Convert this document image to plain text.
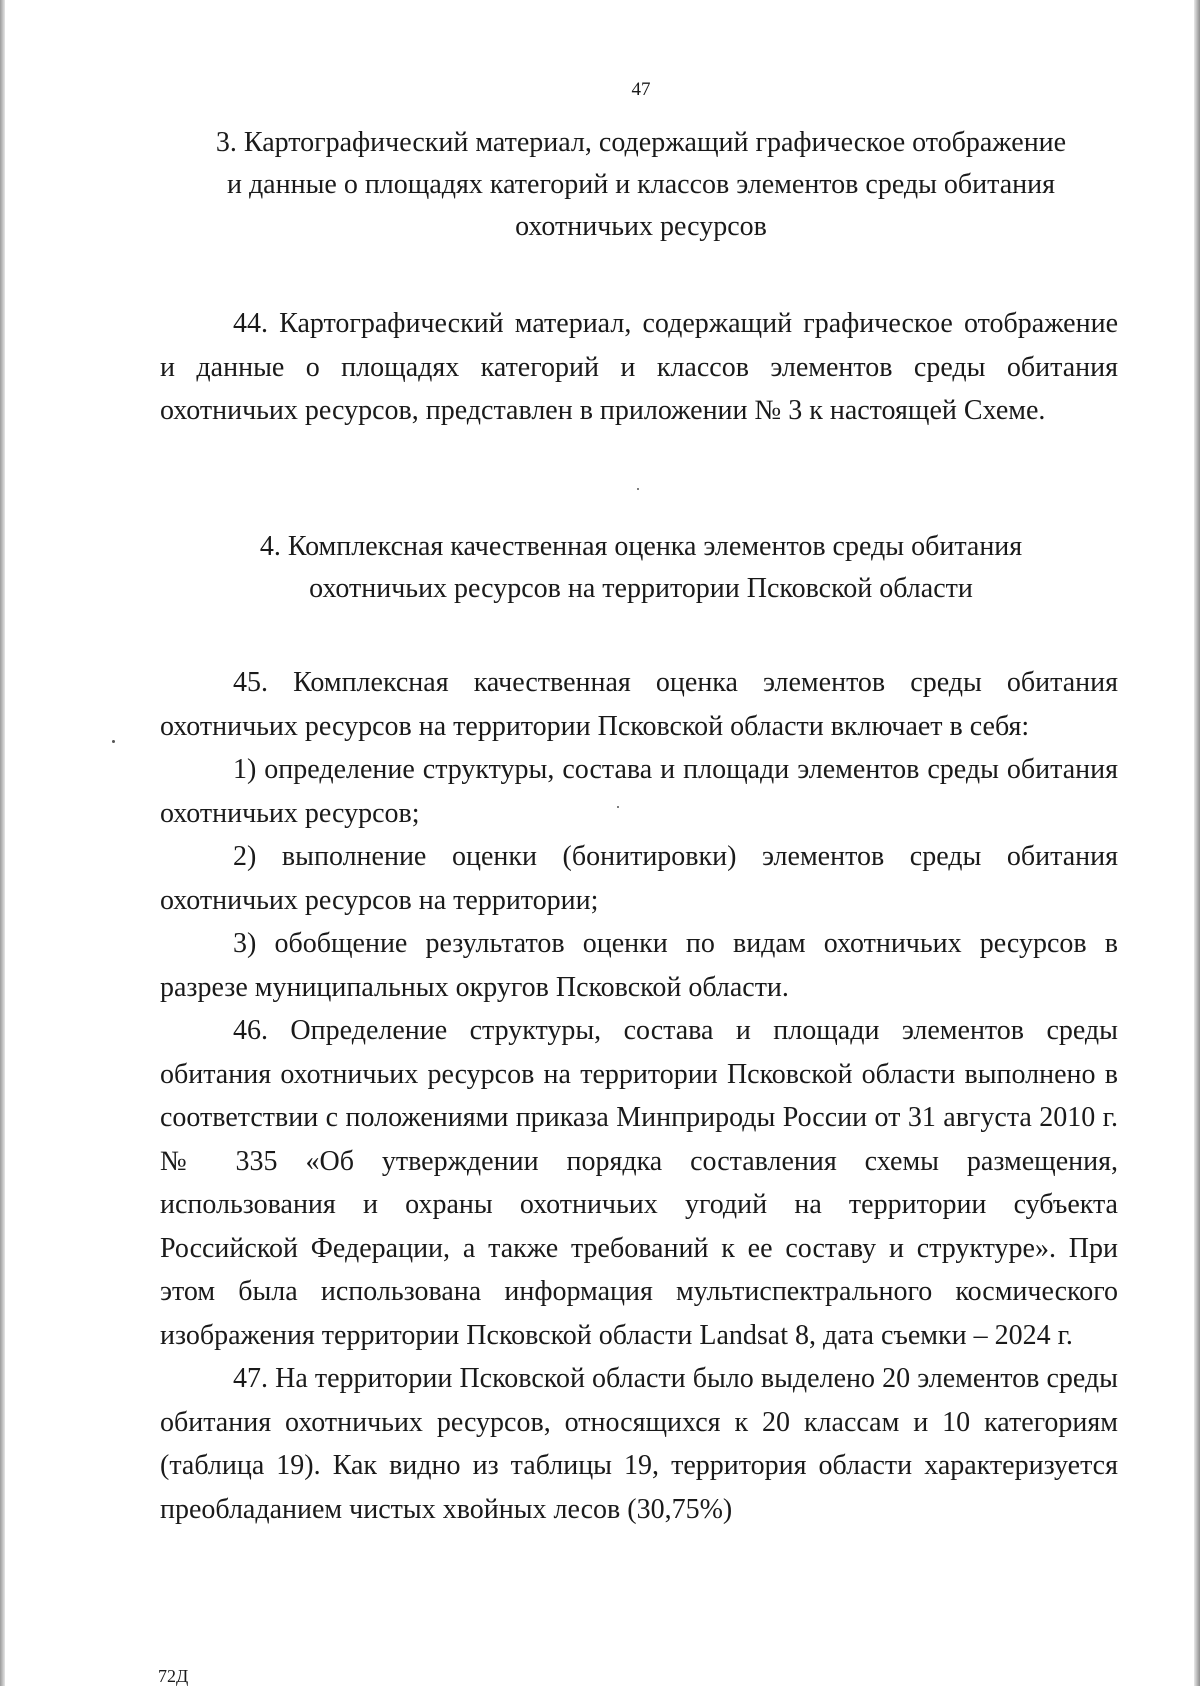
47
3. Картографический материал, содержащий графическое отображение
и данные о площадях категорий и классов элементов среды обитания
охотничьих ресурсов

44. Картографический материал, содержащий графическое отображение и данные о площадях категорий и классов элементов среды обитания охотничьих ресурсов, представлен в приложении № 3 к настоящей Схеме.

4. Комплексная качественная оценка элементов среды обитания
охотничьих ресурсов на территории Псковской области

45. Комплексная качественная оценка элементов среды обитания охотничьих ресурсов на территории Псковской области включает в себя:

1) определение структуры, состава и площади элементов среды обитания охотничьих ресурсов;

2) выполнение оценки (бонитировки) элементов среды обитания охотничьих ресурсов на территории;

3) обобщение результатов оценки по видам охотничьих ресурсов в разрезе муниципальных округов Псковской области.

46. Определение структуры, состава и площади элементов среды обитания охотничьих ресурсов на территории Псковской области выполнено в соответствии с положениями приказа Минприроды России от 31 августа 2010 г. № 335 «Об утверждении порядка составления схемы размещения, использования и охраны охотничьих угодий на территории субъекта Российской Федерации, а также требований к ее составу и структуре». При этом была использована информация мультиспектрального космического изображения территории Псковской области Landsat 8, дата съемки – 2024 г.

47. На территории Псковской области было выделено 20 элементов среды обитания охотничьих ресурсов, относящихся к 20 классам и 10 категориям (таблица 19). Как видно из таблицы 19, территория области характеризуется преобладанием чистых хвойных лесов (30,75%)

72Д
